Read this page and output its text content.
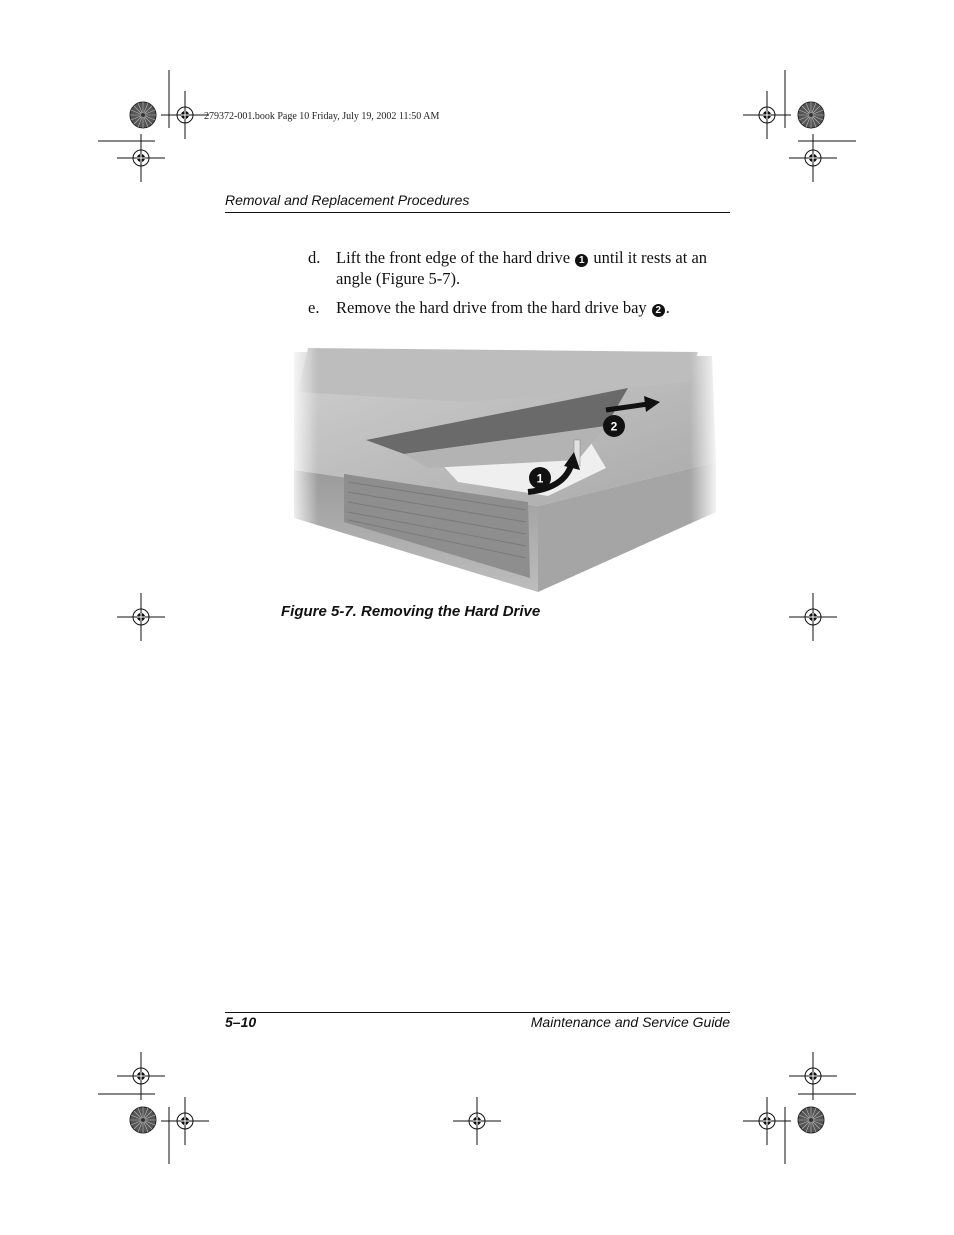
279372-001.book Page 10 Friday, July 19, 2002 11:50 AM
Removal and Replacement Procedures
d. Lift the front edge of the hard drive 1 until it rests at an angle (Figure 5-7).
e. Remove the hard drive from the hard drive bay 2 .
1
2
Figure 5-7. Removing the Hard Drive
5–10	Maintenance and Service Guide
